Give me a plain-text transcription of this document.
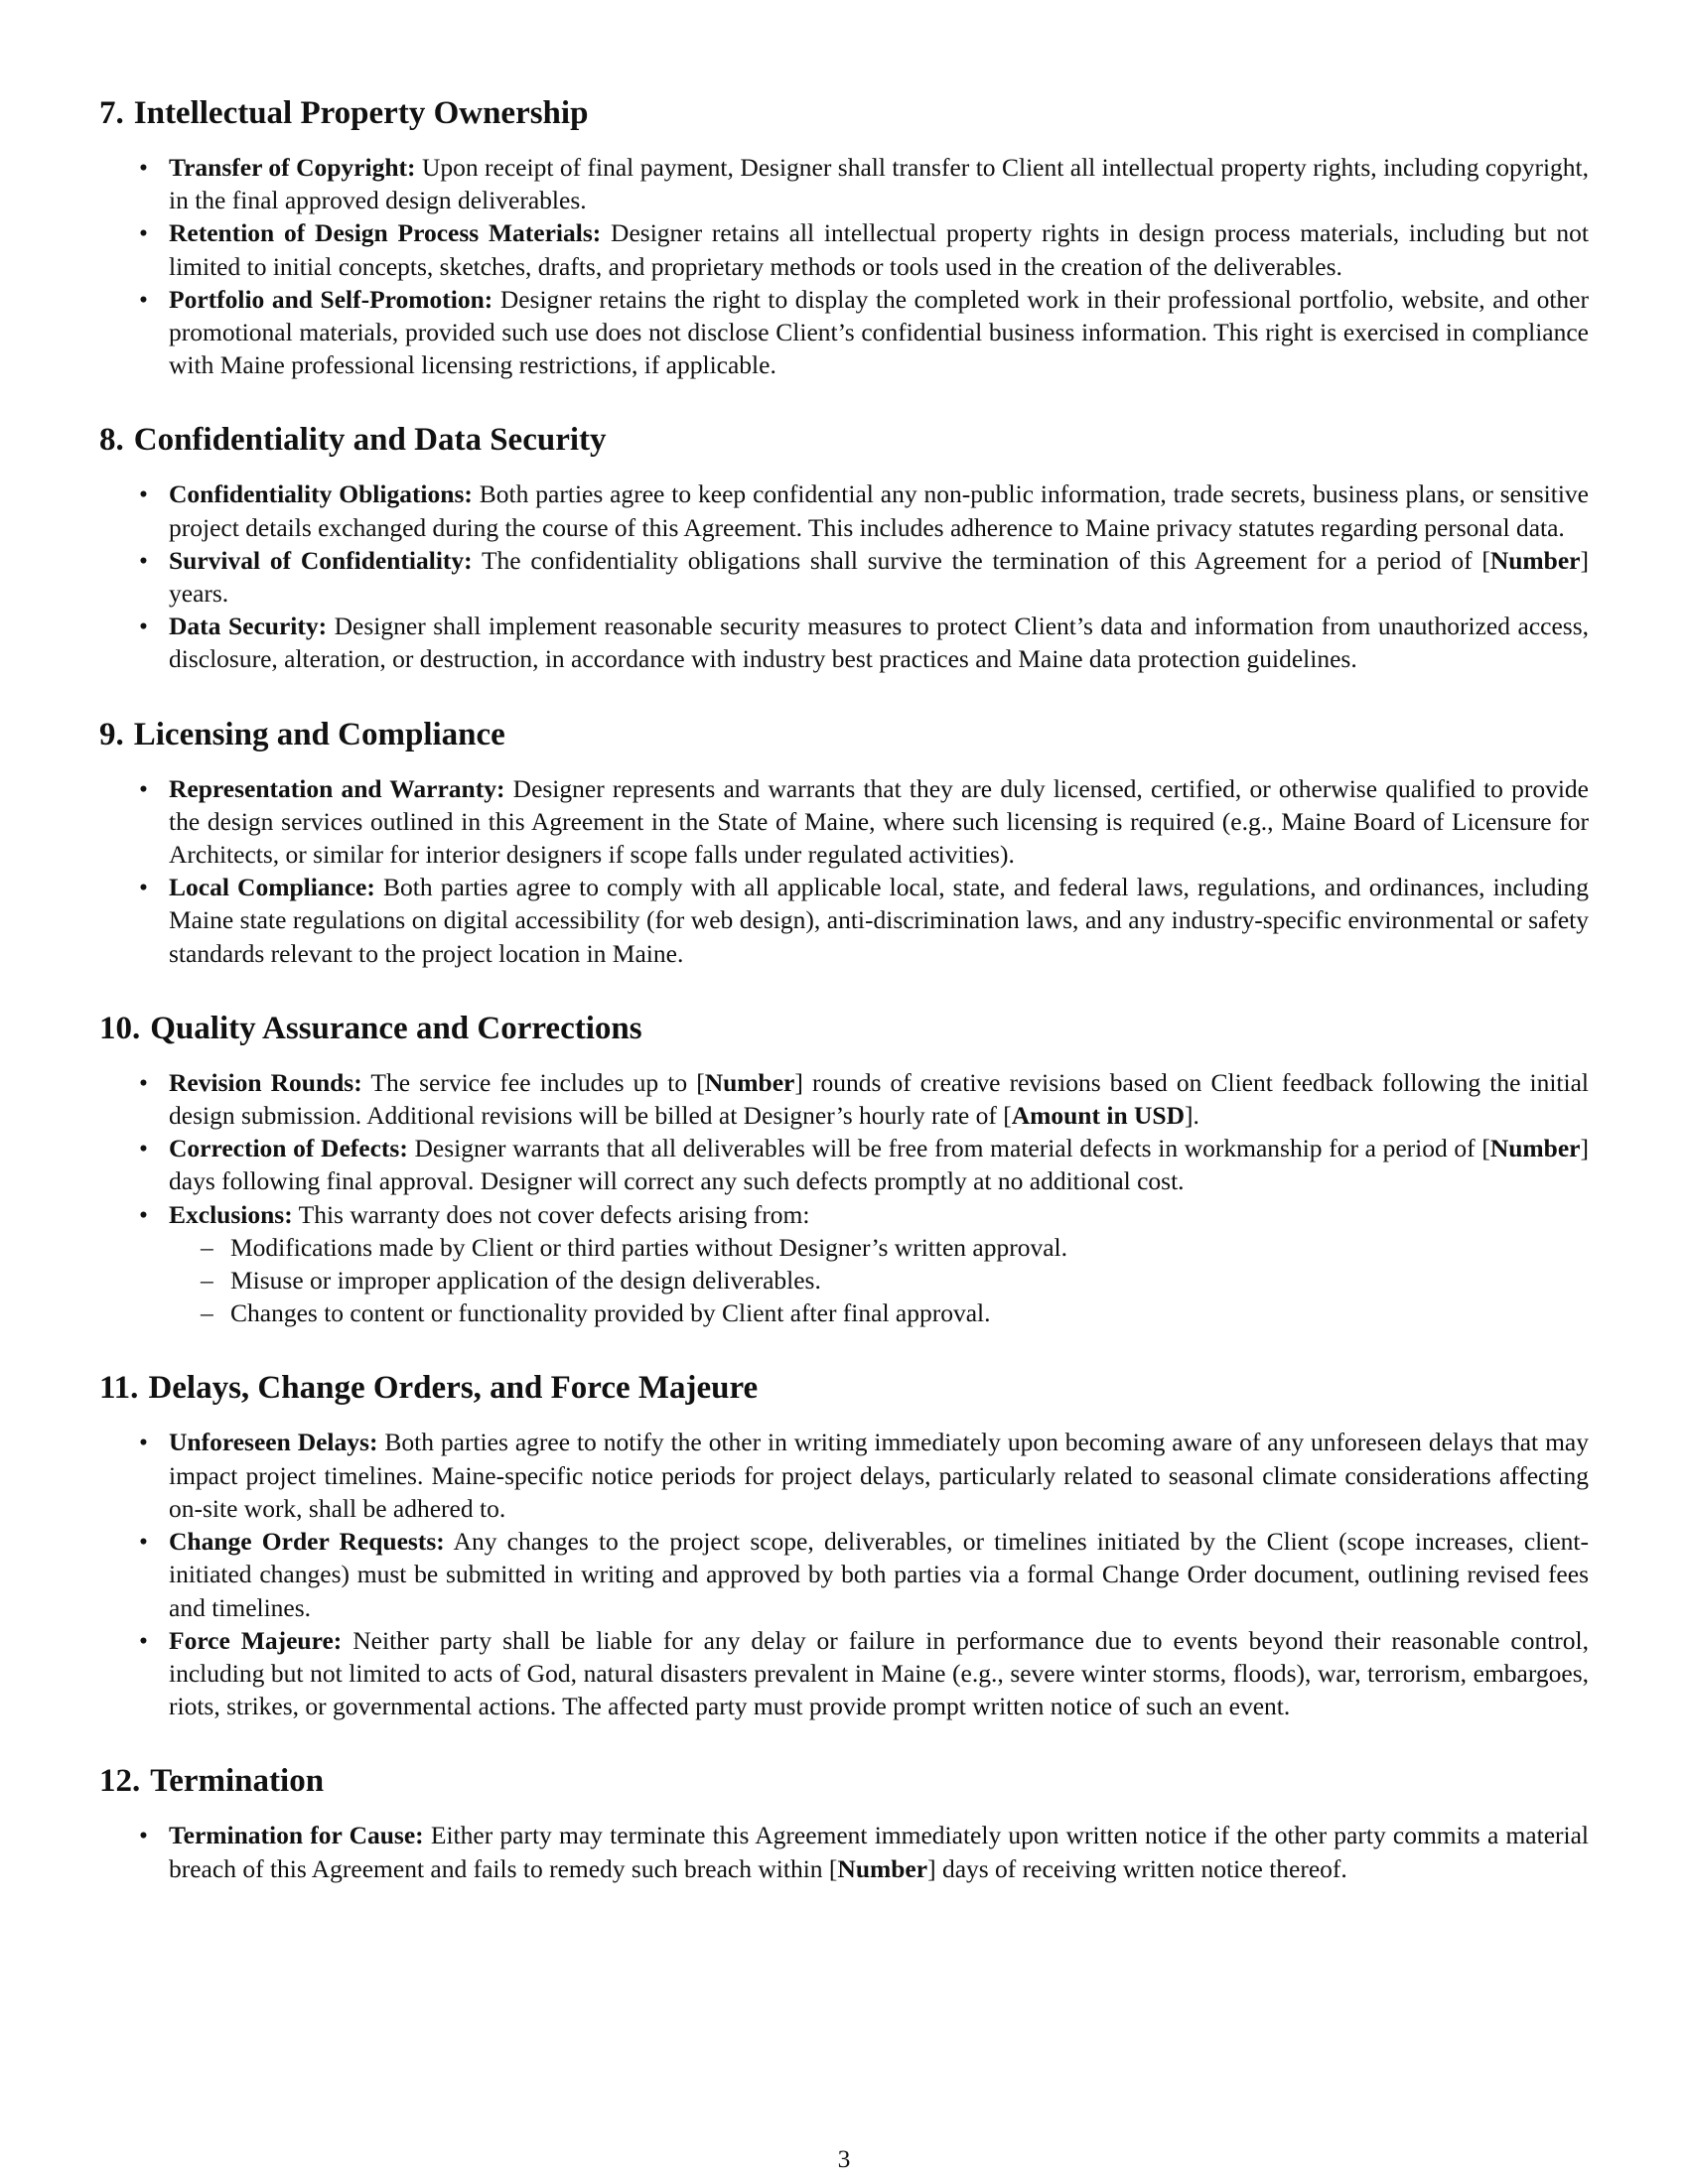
7. Intellectual Property Ownership
• Transfer of Copyright: Upon receipt of final payment, Designer shall transfer to Client all intellectual property rights, including copyright, in the final approved design deliverables.
• Retention of Design Process Materials: Designer retains all intellectual property rights in design process materials, including but not limited to initial concepts, sketches, drafts, and proprietary methods or tools used in the creation of the deliverables.
• Portfolio and Self-Promotion: Designer retains the right to display the completed work in their professional portfolio, website, and other promotional materials, provided such use does not disclose Client’s confidential business information. This right is exercised in compliance with Maine professional licensing restrictions, if applicable.
8. Confidentiality and Data Security
• Confidentiality Obligations: Both parties agree to keep confidential any non-public information, trade secrets, business plans, or sensitive project details exchanged during the course of this Agreement. This includes adherence to Maine privacy statutes regarding personal data.
• Survival of Confidentiality: The confidentiality obligations shall survive the termination of this Agreement for a period of [Number] years.
• Data Security: Designer shall implement reasonable security measures to protect Client’s data and information from unauthorized access, disclosure, alteration, or destruction, in accordance with industry best practices and Maine data protection guidelines.
9. Licensing and Compliance
• Representation and Warranty: Designer represents and warrants that they are duly licensed, certified, or otherwise qualified to provide the design services outlined in this Agreement in the State of Maine, where such licensing is required (e.g., Maine Board of Licensure for Architects, or similar for interior designers if scope falls under regulated activities).
• Local Compliance: Both parties agree to comply with all applicable local, state, and federal laws, regulations, and ordinances, including Maine state regulations on digital accessibility (for web design), anti-discrimination laws, and any industry-specific environmental or safety standards relevant to the project location in Maine.
10. Quality Assurance and Corrections
• Revision Rounds: The service fee includes up to [Number] rounds of creative revisions based on Client feedback following the initial design submission. Additional revisions will be billed at Designer’s hourly rate of [Amount in USD].
• Correction of Defects: Designer warrants that all deliverables will be free from material defects in workmanship for a period of [Number] days following final approval. Designer will correct any such defects promptly at no additional cost.
• Exclusions: This warranty does not cover defects arising from:
– Modifications made by Client or third parties without Designer’s written approval.
– Misuse or improper application of the design deliverables.
– Changes to content or functionality provided by Client after final approval.
11. Delays, Change Orders, and Force Majeure
• Unforeseen Delays: Both parties agree to notify the other in writing immediately upon becoming aware of any unforeseen delays that may impact project timelines. Maine-specific notice periods for project delays, particularly related to seasonal climate considerations affecting on-site work, shall be adhered to.
• Change Order Requests: Any changes to the project scope, deliverables, or timelines initiated by the Client (scope increases, client-initiated changes) must be submitted in writing and approved by both parties via a formal Change Order document, outlining revised fees and timelines.
• Force Majeure: Neither party shall be liable for any delay or failure in performance due to events beyond their reasonable control, including but not limited to acts of God, natural disasters prevalent in Maine (e.g., severe winter storms, floods), war, terrorism, embargoes, riots, strikes, or governmental actions. The affected party must provide prompt written notice of such an event.
12. Termination
• Termination for Cause: Either party may terminate this Agreement immediately upon written notice if the other party commits a material breach of this Agreement and fails to remedy such breach within [Number] days of receiving written notice thereof.
3
